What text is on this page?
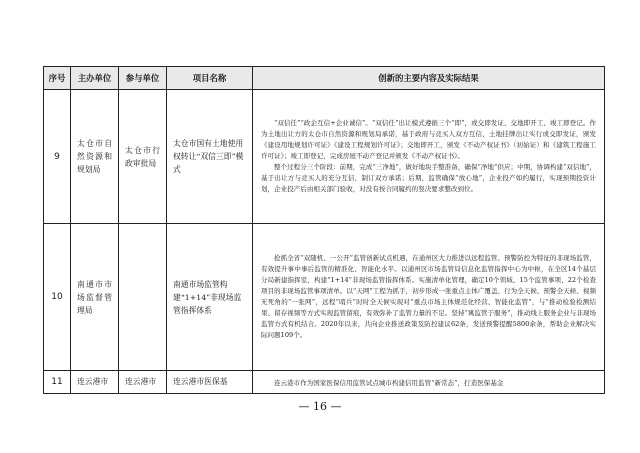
序号	主办单位	参与单位	项目名称	创新的主要内容及实际结果
9	太仓市自然资源和规划局	太仓市行政审批局	太仓市国有土地使用权转让“双信三即”模式	“双信任”“政企互信+企业诚信”。“双信任”出让模式遵循三个“即”，或交即发证、交地即开工、竣工即登记。作为土地出让方的太仓市自然资源和规划局承诺，基于政府与竞买人双方互信，土地挂牌出让实行或交即发证，颁发《建设用地规划许可证》《建设工程规划许可证》；交地即开工，颁发《不动产权证书》（初始证）和《建筑工程施工许可证》；竣工即登记，完成房屋不动产登记并颁发《不动产权证书》。

整个过程分三个阶段：前期，完成“三净地”，做好地块手整准备，确保“净地”供应；中期，协调构建“双信地”，基于出让方与竞买人的充分互信，制订双方承诺；后期，监管确保“放心地”，企业投产如约履行，实现预期投资计划，企业投产后由相关部门验收，对没有按合同履约的竖决要求整改到位。

10	南通市市场监督管理局		南通市场监管构建“1+14”非现场监管指挥体系	抢抓全省“双随机、一公开”监管创新试点机遇，在通州区大力推进以远程监管、预警防控为特征的非现场监管，有效提升事中事后监管的精准化、智能化水平。以通州区市场监管局信息化监管指挥中心为中枢，在全区14个基层分局新建指挥室，构建“1+14”非现场监管指挥体系。实施清单化管理，确定10个领域、15个监管事项、22个检查项目的非现场监管事项清单。以“天网”工程为抓手，初步形成一张重点主体广覆盖、行为全天候、预警全天候、视频无死角的“一张网”，远程“哨兵”时时全天候实现对“重点市场主体规范化经营、智能化监管”，与“推动检验检测结果、留存视频等方式实现监管留痕，有效弥补了监管力量的不足。坚持“寓监管于服务”，推动线上服务企业与非现场监管方式有机结合。2020年以来，共向企业推送政策及防控建议62条，发送预警提醒5800余条，帮助企业解决实际问题109个。

11	连云港市	连云港市	连云港市医保基	连云港市作为国家医保信用监管试点城市构建信用监管“新常态”，打造医保基金

— 16 —
